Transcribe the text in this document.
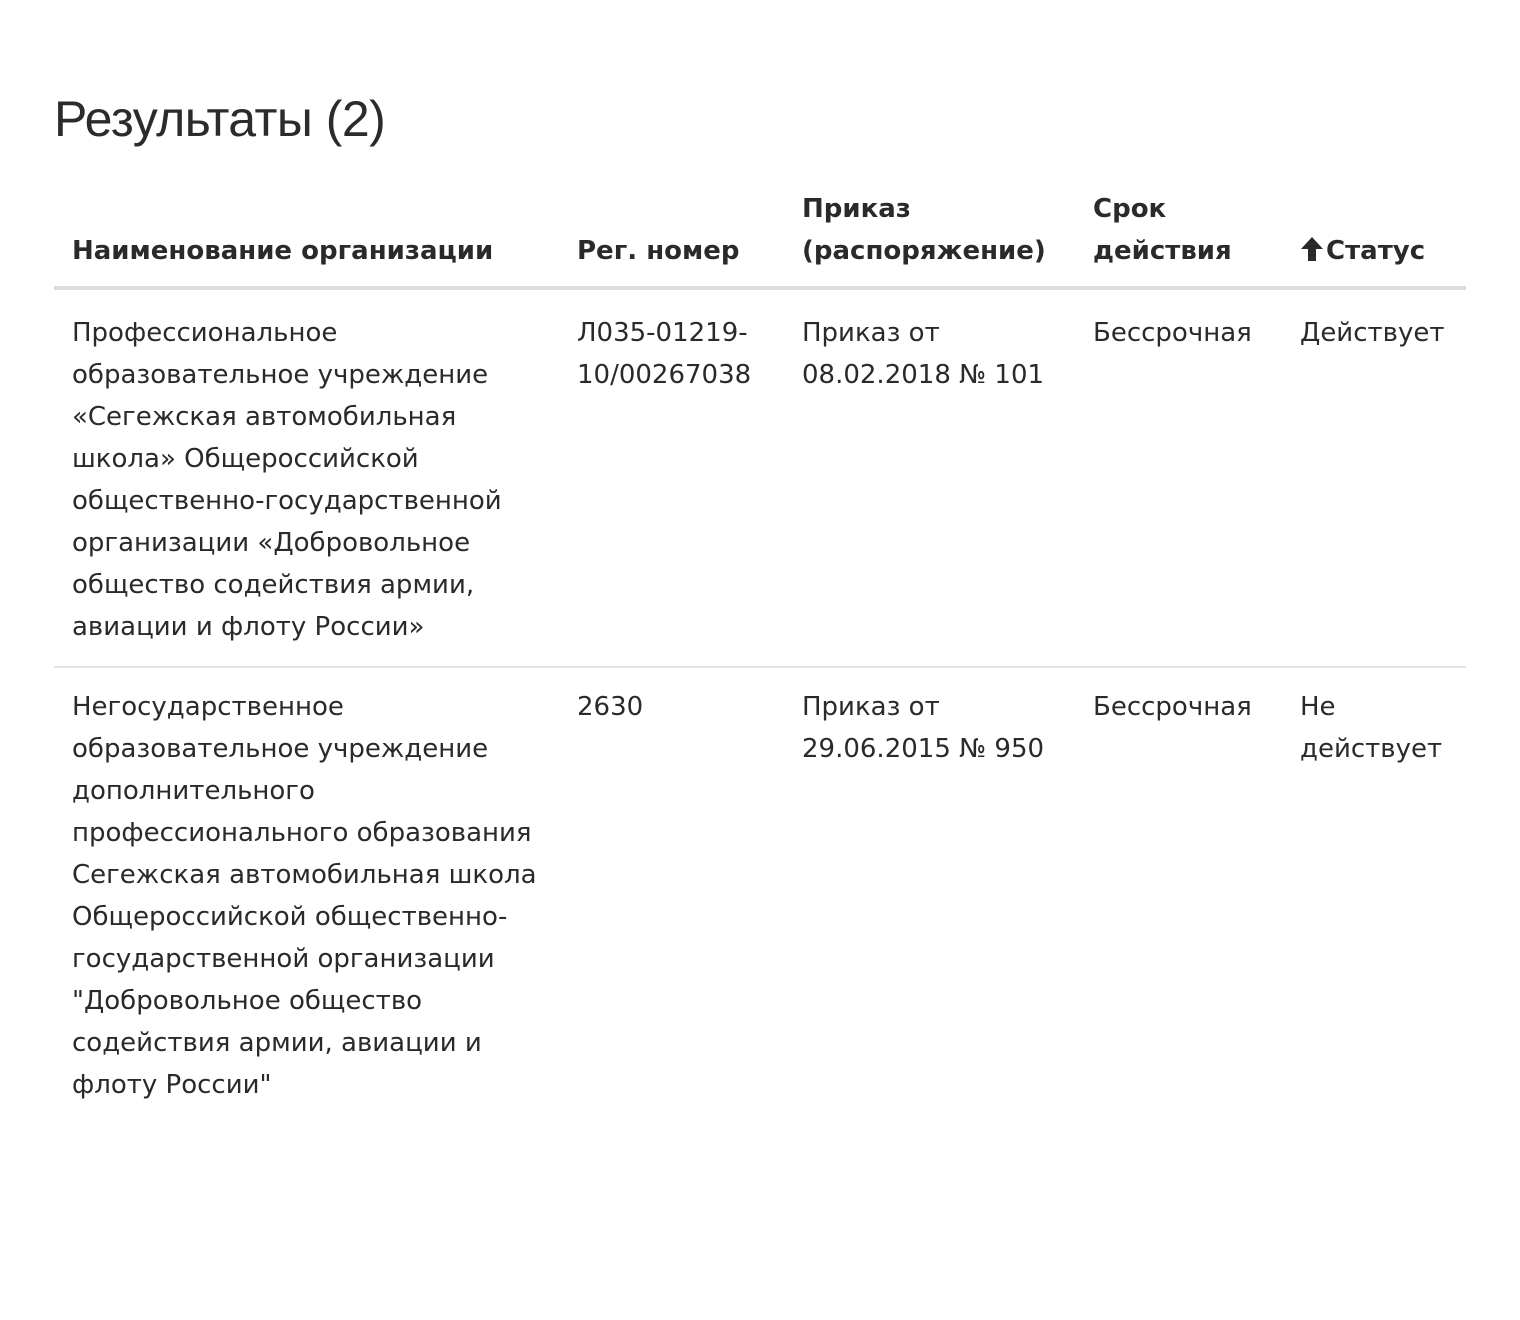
Результаты (2)
Наименование организации	Рег. номер	Приказ (распоряжение)	Срок действия	Статус

Профессиональное образовательное учреждение «Сегежская автомобильная школа» Общероссийской общественно-государственной организации «Добровольное общество содействия армии, авиации и флоту России»	Л035-01219-10/00267038	Приказ от 08.02.2018 № 101	Бессрочная	Действует

Негосударственное образовательное учреждение дополнительного профессионального образования Сегежская автомобильная школа Общероссийской общественно-государственной организации "Добровольное общество содействия армии, авиации и флоту России"	2630	Приказ от 29.06.2015 № 950	Бессрочная	Не действует
